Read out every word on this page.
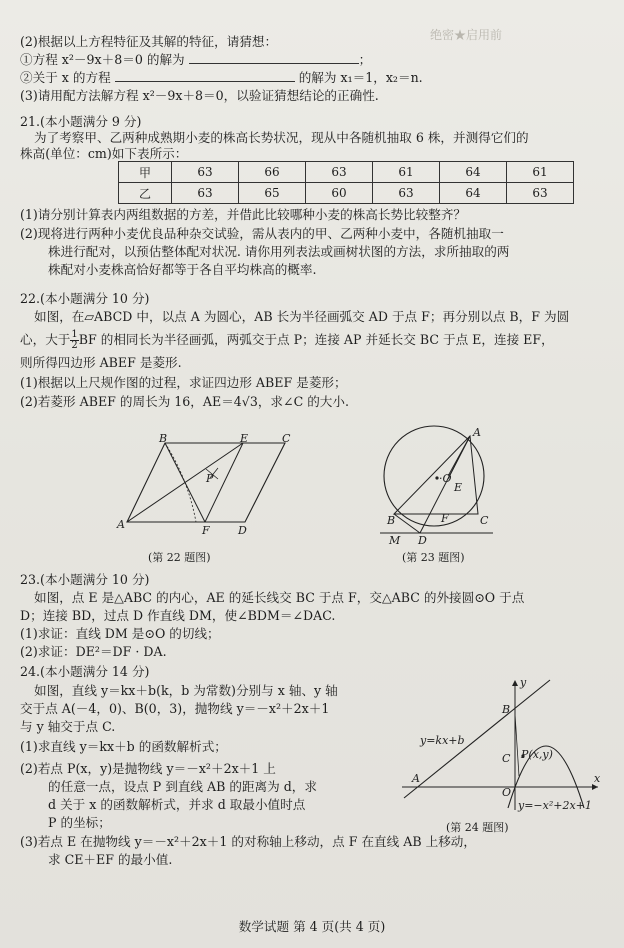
绝密★启用前
(2)根据以上方程特征及其解的特征，请猜想：
①方程 x²－9x＋8＝0 的解为	；
②关于 x 的方程	的解为 x₁＝1，x₂＝n.
(3)请用配方法解方程 x²－9x＋8＝0，以验证猜想结论的正确性.
21.(本小题满分 9 分)
为了考察甲、乙两种成熟期小麦的株高长势状况，现从中各随机抽取 6 株，并测得它们的
株高(单位：cm)如下表所示：
甲	63	66	63	61	64	61
乙	63	65	60	63	64	63
(1)请分别计算表内两组数据的方差，并借此比较哪种小麦的株高长势比较整齐？
(2)现将进行两种小麦优良品种杂交试验，需从表内的甲、乙两种小麦中，各随机抽取一
株进行配对，以预估整体配对状况. 请你用列表法或画树状图的方法，求所抽取的两
株配对小麦株高恰好都等于各自平均株高的概率.
22.(本小题满分 10 分)
如图，在▱ABCD 中，以点 A 为圆心，AB 长为半径画弧交 AD 于点 F；再分别以点 B，F 为圆
心，大于 $\frac{1}{2}$ BF 的相同长为半径画弧，两弧交于点 P；连接 AP 并延长交 BC 于点 E，连接 EF，
则所得四边形 ABEF 是菱形.
(1)根据以上尺规作图的过程，求证四边形 ABEF 是菱形；
(2)若菱形 ABEF 的周长为 16，AE＝4√3，求∠C 的大小.
B	E	C
P
A	F	D
(第 22 题图)
A
·O
E
B	F	C
M D
(第 23 题图)
23.(本小题满分 10 分)
如图，点 E 是△ABC 的内心，AE 的延长线交 BC 于点 F，交△ABC 的外接圆⊙O 于点
D；连接 BD，过点 D 作直线 DM，使∠BDM＝∠DAC.
(1)求证：直线 DM 是⊙O 的切线；
(2)求证：DE²＝DF · DA.
24.(本小题满分 14 分)
如图，直线 y＝kx＋b(k，b 为常数)分别与 x 轴、y 轴
交于点 A(－4，0)、B(0，3)，抛物线 y＝－x²＋2x＋1
与 y 轴交于点 C.
(1)求直线 y＝kx＋b 的函数解析式；
(2)若点 P(x，y)是抛物线 y＝－x²＋2x＋1 上
的任意一点，设点 P 到直线 AB 的距离为 d，求
d 关于 x 的函数解析式，并求 d 取最小值时点
P 的坐标；
(3)若点 E 在抛物线 y＝－x²＋2x＋1 的对称轴上移动，点 F 在直线 AB 上移动，
求 CE＋EF 的最小值.
y
B
y=kx+b
C P(x,y)
A
O
x
y=−x²+2x+1
(第 24 题图)
数学试题 第 4 页(共 4 页)
